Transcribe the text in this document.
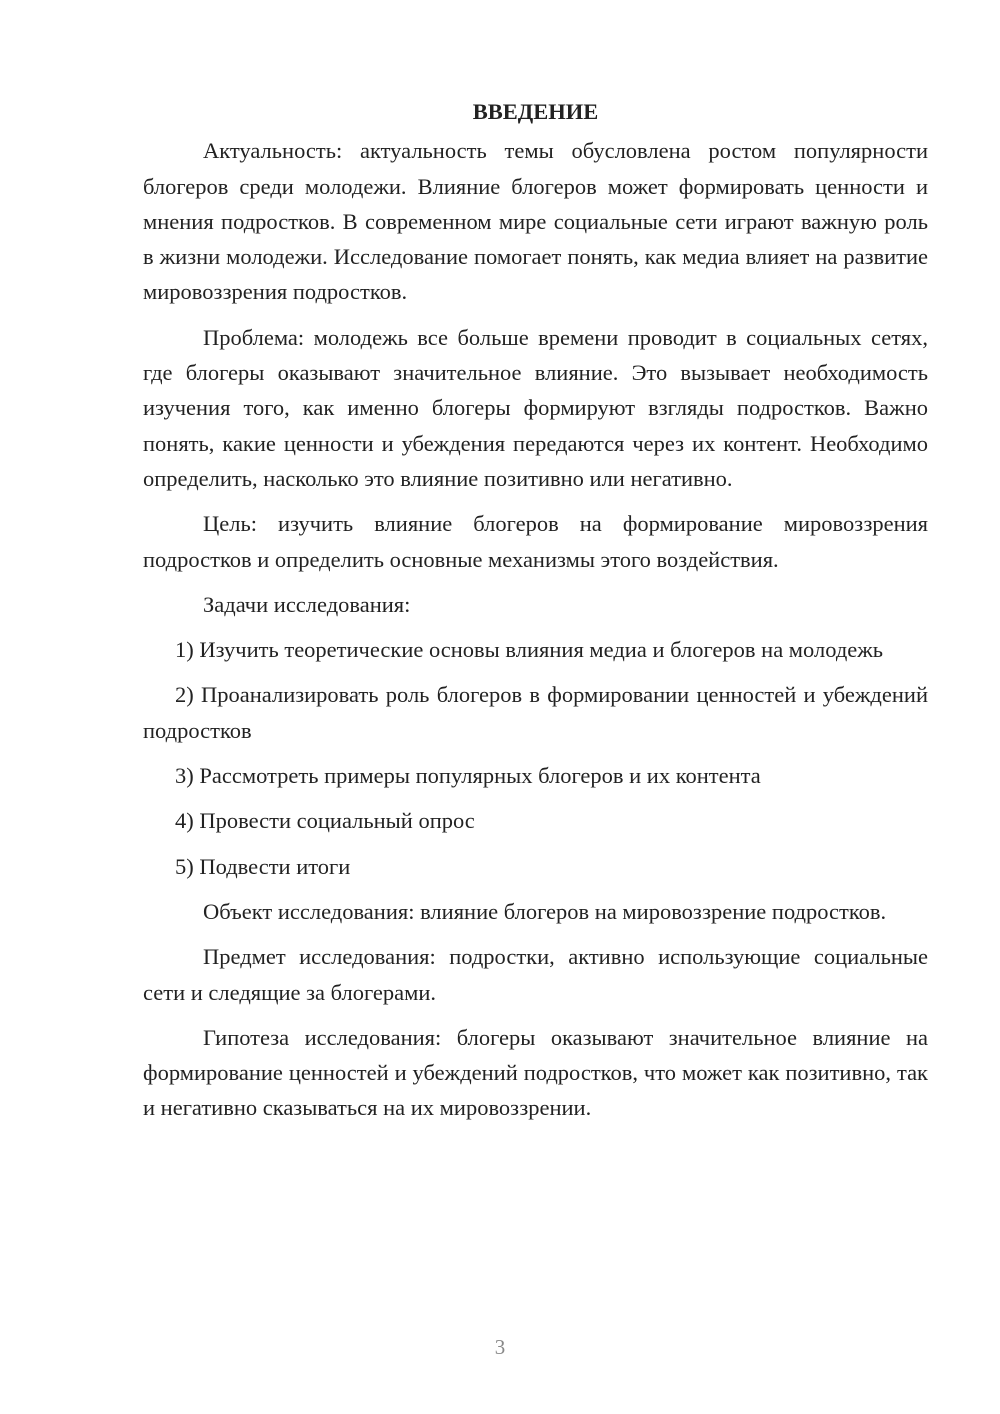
ВВЕДЕНИЕ

Актуальность: актуальность темы обусловлена ростом популярности блогеров среди молодежи. Влияние блогеров может формировать ценности и мнения подростков. В современном мире социальные сети играют важную роль в жизни молодежи. Исследование помогает понять, как медиа влияет на развитие мировоззрения подростков.

Проблема: молодежь все больше времени проводит в социальных сетях, где блогеры оказывают значительное влияние. Это вызывает необходимость изучения того, как именно блогеры формируют взгляды подростков. Важно понять, какие ценности и убеждения передаются через их контент. Необходимо определить, насколько это влияние позитивно или негативно.

Цель: изучить влияние блогеров на формирование мировоззрения подростков и определить основные механизмы этого воздействия.

Задачи исследования:

1) Изучить теоретические основы влияния медиа и блогеров на молодежь

2) Проанализировать роль блогеров в формировании ценностей и убеждений подростков

3) Рассмотреть примеры популярных блогеров и их контента

4) Провести социальный опрос

5) Подвести итоги

Объект исследования: влияние блогеров на мировоззрение подростков.

Предмет исследования: подростки, активно использующие социальные сети и следящие за блогерами.

Гипотеза исследования: блогеры оказывают значительное влияние на формирование ценностей и убеждений подростков, что может как позитивно, так и негативно сказываться на их мировоззрении.

3
